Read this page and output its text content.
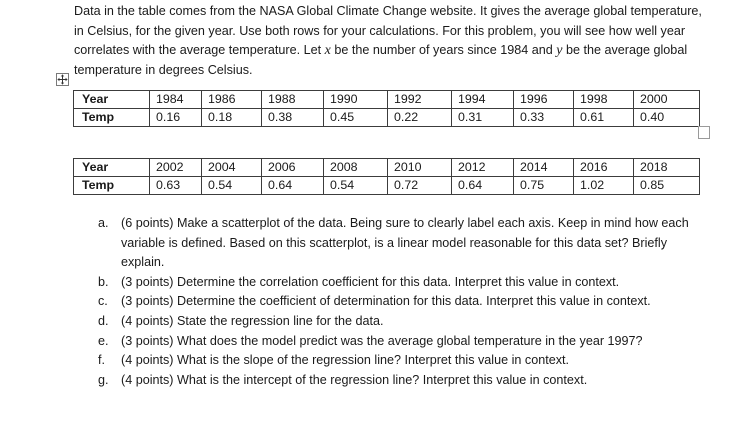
Data in the table comes from the NASA Global Climate Change website. It gives the average global temperature, in Celsius, for the given year. Use both rows for your calculations. For this problem, you will see how well year correlates with the average temperature. Let x be the number of years since 1984 and y be the average global temperature in degrees Celsius.

Year	1984	1986	1988	1990	1992	1994	1996	1998	2000
Temp	0.16	0.18	0.38	0.45	0.22	0.31	0.33	0.61	0.40
Year	2002	2004	2006	2008	2010	2012	2014	2016	2018
Temp	0.63	0.54	0.64	0.54	0.72	0.64	0.75	1.02	0.85
a. (6 points) Make a scatterplot of the data. Being sure to clearly label each axis. Keep in mind how each variable is defined. Based on this scatterplot, is a linear model reasonable for this data set? Briefly explain.
b. (3 points) Determine the correlation coefficient for this data. Interpret this value in context.
c.	(3 points) Determine the coefficient of determination for this data. Interpret this value in context.
d. (4 points) State the regression line for the data.
e. (3 points) What does the model predict was the average global temperature in the year 1997?
f.	(4 points) What is the slope of the regression line? Interpret this value in context.
g. (4 points) What is the intercept of the regression line? Interpret this value in context.
